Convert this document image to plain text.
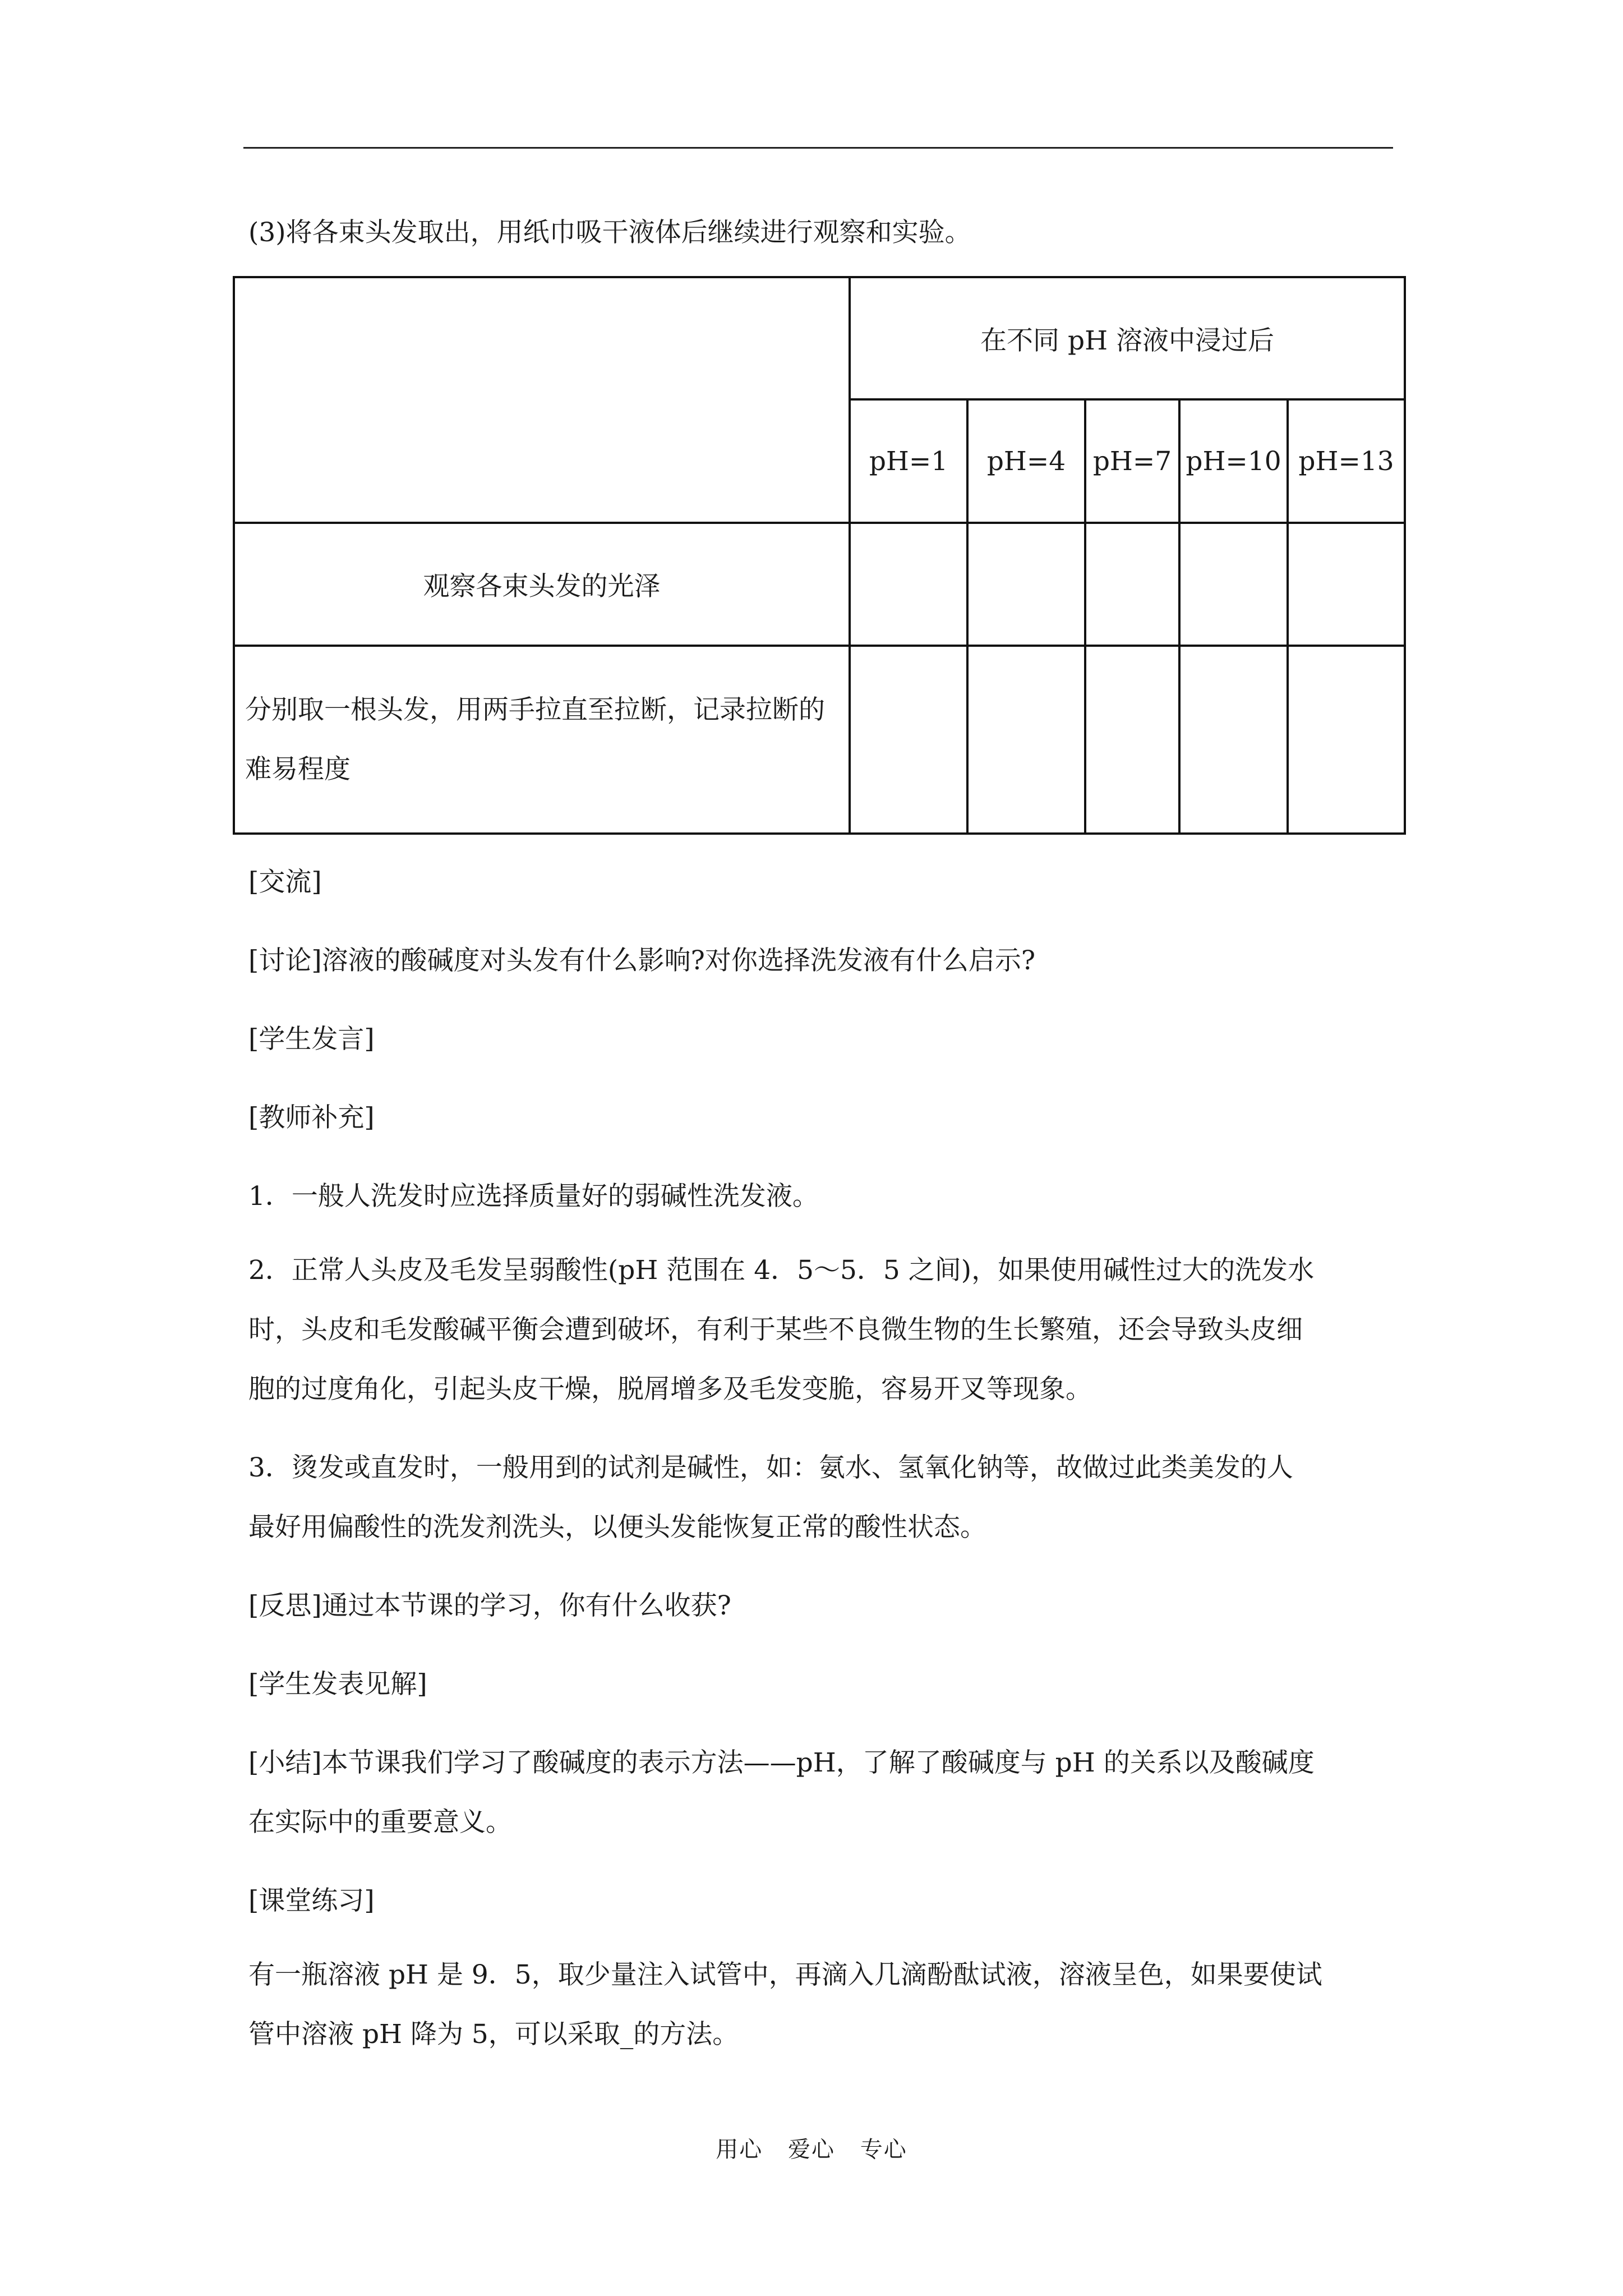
(3)将各束头发取出，用纸巾吸干液体后继续进行观察和实验。

	在不同 pH 溶液中浸过后				
	pH=1	pH=4	pH=7	pH=10	pH=13
观察各束头发的光泽					
分别取一根头发，用两手拉直至拉断，记录拉断的难易程度					

[交流]

[讨论]溶液的酸碱度对头发有什么影响?对你选择洗发液有什么启示?

[学生发言]

[教师补充]

1．一般人洗发时应选择质量好的弱碱性洗发液。

2．正常人头皮及毛发呈弱酸性(pH 范围在 4．5～5．5 之间)，如果使用碱性过大的洗发水

时，头皮和毛发酸碱平衡会遭到破坏，有利于某些不良微生物的生长繁殖，还会导致头皮细

胞的过度角化，引起头皮干燥，脱屑增多及毛发变脆，容易开叉等现象。

3．烫发或直发时，一般用到的试剂是碱性，如：氨水、氢氧化钠等，故做过此类美发的人

最好用偏酸性的洗发剂洗头，以便头发能恢复正常的酸性状态。

[反思]通过本节课的学习，你有什么收获?

[学生发表见解]

[小结]本节课我们学习了酸碱度的表示方法——pH，了解了酸碱度与 pH 的关系以及酸碱度

在实际中的重要意义。

[课堂练习]

有一瓶溶液 pH 是 9．5，取少量注入试管中，再滴入几滴酚酞试液，溶液呈色，如果要使试

管中溶液 pH 降为 5，可以采取_的方法。

用心 爱心 专心
